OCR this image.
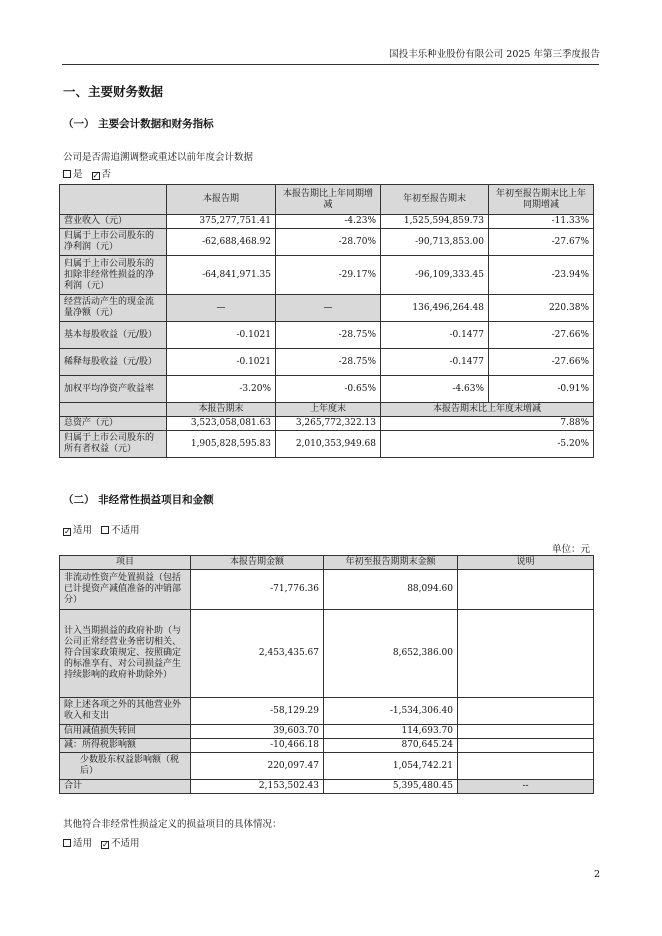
国投丰乐种业股份有限公司 2025 年第三季度报告
一、主要财务数据
（一） 主要会计数据和财务指标
公司是否需追溯调整或重述以前年度会计数据
是 ✓ 否
	本报告期	本报告期比上年同期增减	年初至报告期末	年初至报告期末比上年同期增减
营业收入（元）	375,277,751.41	-4.23%	1,525,594,859.73	-11.33%
归属于上市公司股东的净利润（元）	-62,688,468.92	-28.70%	-90,713,853.00	-27.67%
归属于上市公司股东的扣除非经常性损益的净利润（元）	-64,841,971.35	-29.17%	-96,109,333.45	-23.94%
经营活动产生的现金流量净额（元）	—	—	136,496,264.48	220.38%
基本每股收益（元/股）	-0.1021	-28.75%	-0.1477	-27.66%
稀释每股收益（元/股）	-0.1021	-28.75%	-0.1477	-27.66%
加权平均净资产收益率	-3.20%	-0.65%	-4.63%	-0.91%
	本报告期末	上年度末	本报告期末比上年度末增减	
总资产（元）	3,523,058,081.63	3,265,772,322.13	7.88%	
归属于上市公司股东的所有者权益（元）	1,905,828,595.83	2,010,353,949.68	-5.20%	
（二） 非经常性损益项目和金额
✓ 适用 不适用
单位：元
项目	本报告期金额	年初至报告期期末金额	说明
非流动性资产处置损益（包括已计提资产减值准备的冲销部分）	-71,776.36	88,094.60	
计入当期损益的政府补助（与公司正常经营业务密切相关、符合国家政策规定、按照确定的标准享有、对公司损益产生持续影响的政府补助除外）	2,453,435.67	8,652,386.00	
除上述各项之外的其他营业外收入和支出	-58,129.29	-1,534,306.40	
信用减值损失转回	39,603.70	114,693.70	
减：所得税影响额	-10,466.18	870,645.24	
少数股东权益影响额（税后）	220,097.47	1,054,742.21	
合计	2,153,502.43	5,395,480.45	--
其他符合非经常性损益定义的损益项目的具体情况：
适用 ✓ 不适用
2
